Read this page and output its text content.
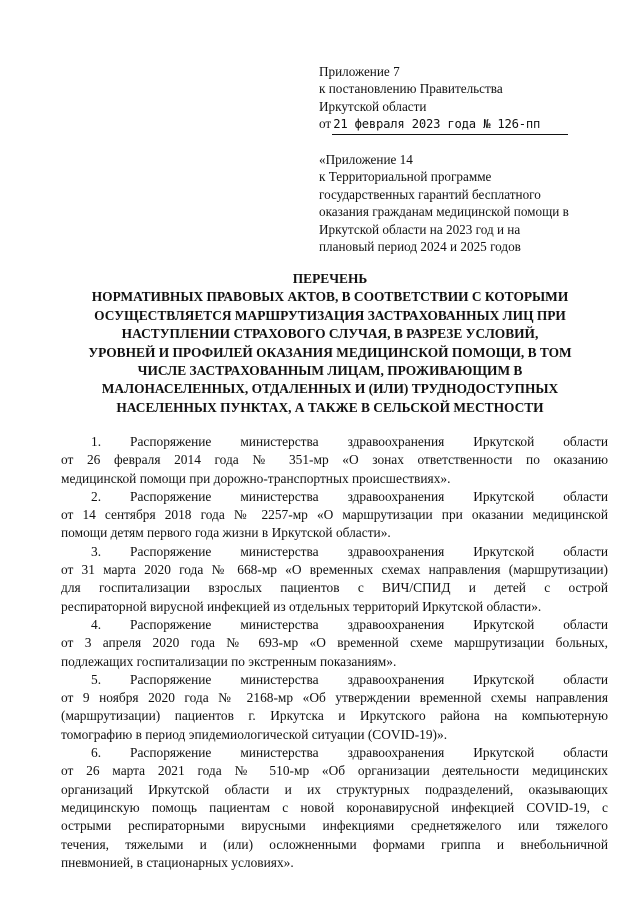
Приложение 7
к постановлению Правительства
Иркутской области
от 21 февраля 2023 года № 126-пп
«Приложение 14
к Территориальной программе
государственных гарантий бесплатного
оказания гражданам медицинской помощи в
Иркутской области на 2023 год и на
плановый период 2024 и 2025 годов
ПЕРЕЧЕНЬ
НОРМАТИВНЫХ ПРАВОВЫХ АКТОВ, В СООТВЕТСТВИИ С КОТОРЫМИ
ОСУЩЕСТВЛЯЕТСЯ МАРШРУТИЗАЦИЯ ЗАСТРАХОВАННЫХ ЛИЦ ПРИ
НАСТУПЛЕНИИ СТРАХОВОГО СЛУЧАЯ, В РАЗРЕЗЕ УСЛОВИЙ,
УРОВНЕЙ И ПРОФИЛЕЙ ОКАЗАНИЯ МЕДИЦИНСКОЙ ПОМОЩИ, В ТОМ
ЧИСЛЕ ЗАСТРАХОВАННЫМ ЛИЦАМ, ПРОЖИВАЮЩИМ В
МАЛОНАСЕЛЕННЫХ, ОТДАЛЕННЫХ И (ИЛИ) ТРУДНОДОСТУПНЫХ
НАСЕЛЕННЫХ ПУНКТАХ, А ТАКЖЕ В СЕЛЬСКОЙ МЕСТНОСТИ
1. Распоряжение министерства здравоохранения Иркутской области
от 26 февраля 2014 года № 351-мр «О зонах ответственности по оказанию
медицинской помощи при дорожно-транспортных происшествиях».
2. Распоряжение министерства здравоохранения Иркутской области
от 14 сентября 2018 года № 2257-мр «О маршрутизации при оказании медицинской
помощи детям первого года жизни в Иркутской области».
3. Распоряжение министерства здравоохранения Иркутской области
от 31 марта 2020 года № 668-мр «О временных схемах направления (маршрутизации)
для госпитализации взрослых пациентов с ВИЧ/СПИД и детей с острой
респираторной вирусной инфекцией из отдельных территорий Иркутской области».
4. Распоряжение министерства здравоохранения Иркутской области
от 3 апреля 2020 года № 693-мр «О временной схеме маршрутизации больных,
подлежащих госпитализации по экстренным показаниям».
5. Распоряжение министерства здравоохранения Иркутской области
от 9 ноября 2020 года № 2168-мр «Об утверждении временной схемы направления
(маршрутизации) пациентов г. Иркутска и Иркутского района на компьютерную
томографию в период эпидемиологической ситуации (COVID-19)».
6. Распоряжение министерства здравоохранения Иркутской области
от 26 марта 2021 года № 510-мр «Об организации деятельности медицинских
организаций Иркутской области и их структурных подразделений, оказывающих
медицинскую помощь пациентам с новой коронавирусной инфекцией COVID-19, с
острыми респираторными вирусными инфекциями среднетяжелого или тяжелого
течения, тяжелыми и (или) осложненными формами гриппа и внебольничной
пневмонией, в стационарных условиях».
